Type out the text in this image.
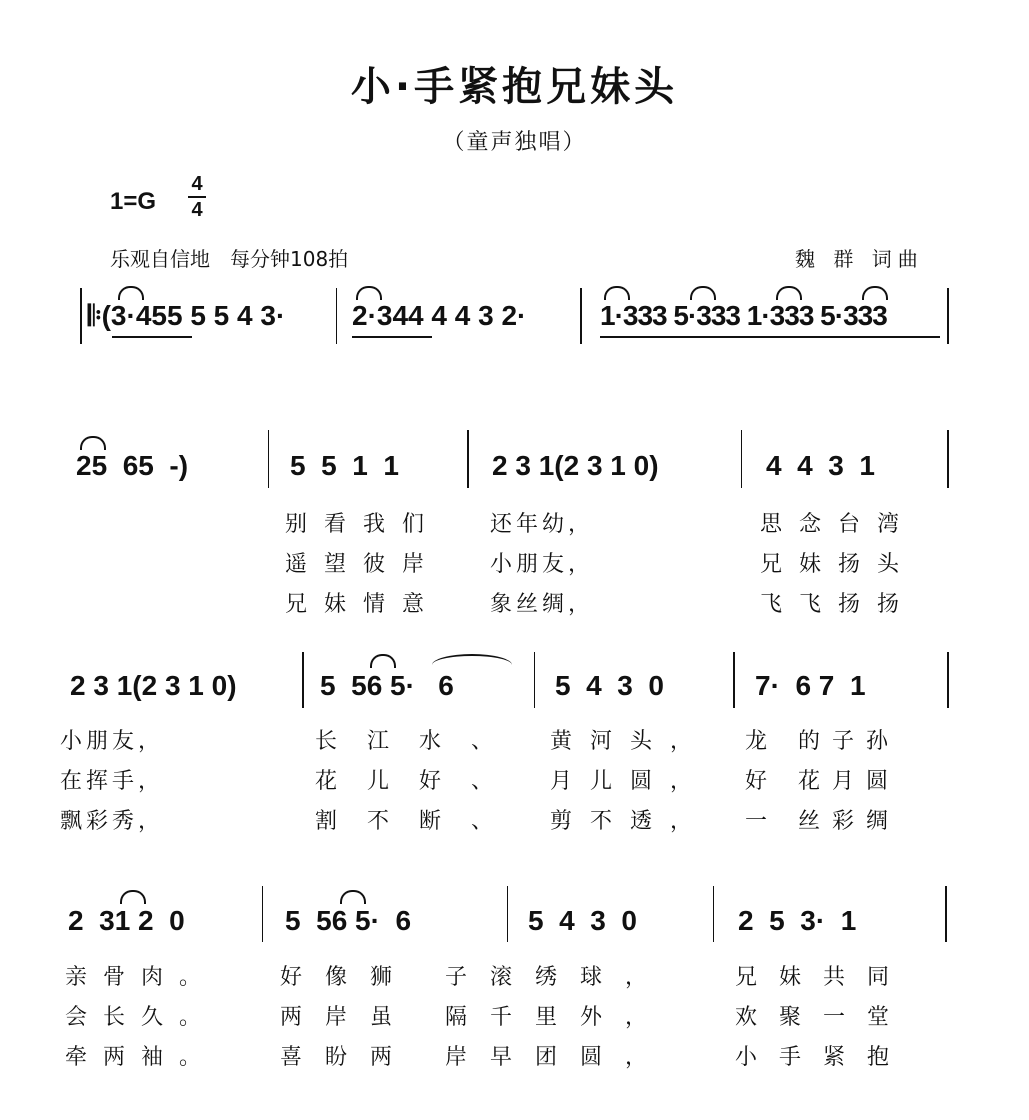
小·手紧抱兄妹头
（童声独唱）
1=G
4
4
乐观自信地　每分钟108拍	魏 群 词曲
𝄆(3·455 5 5 4 3· 2·344 4 4 3 2·	1·333 5·333 1·333 5·333
25  65  -)	5  5  1  1	2 3 1(2 3 1 0)	4  4  3  1
别看我们	还年幼，	思念台湾
遥望彼岸	小朋友，	兄妹扬头
兄妹情意	象丝绸，	飞飞扬扬
2 3 1(2 3 1 0)	5  56 5·   6	5  4  3  0	7·  6 7  1
小朋友，	长江水、	黄河头，	龙 的子孙
在挥手，	花儿好、	月儿圆，	好 花月圆
飘彩秀，	割不断、	剪不透，	一 丝彩绸
2  31 2  0	5  56 5·  6	5  4  3  0	2  5  3·  1
亲骨肉。	好像狮 子滚绣球，	兄妹共同
会长久。	两岸虽 隔千里外，	欢聚一堂
牵两袖。	喜盼两 岸早团圆，	小手紧抱
